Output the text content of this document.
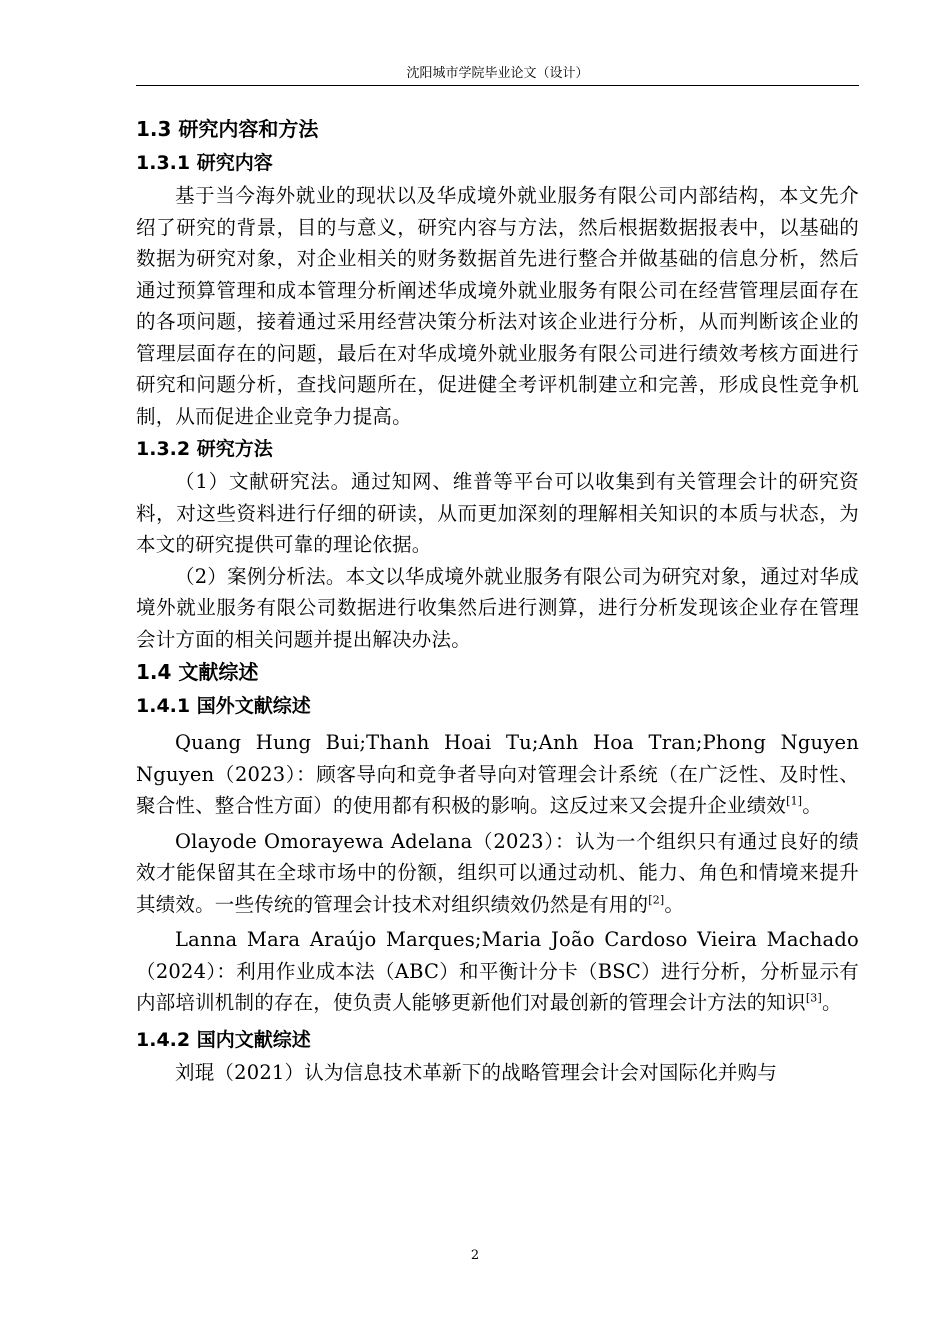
沈阳城市学院毕业论文（设计）
1.3 研究内容和方法
1.3.1 研究内容

基于当今海外就业的现状以及华成境外就业服务有限公司内部结构，本文先介绍了研究的背景，目的与意义，研究内容与方法，然后根据数据报表中，以基础的数据为研究对象，对企业相关的财务数据首先进行整合并做基础的信息分析，然后通过预算管理和成本管理分析阐述华成境外就业服务有限公司在经营管理层面存在的各项问题，接着通过采用经营决策分析法对该企业进行分析，从而判断该企业的管理层面存在的问题，最后在对华成境外就业服务有限公司进行绩效考核方面进行研究和问题分析，查找问题所在，促进健全考评机制建立和完善，形成良性竞争机制，从而促进企业竞争力提高。

1.3.2 研究方法

（1）文献研究法。通过知网、维普等平台可以收集到有关管理会计的研究资料，对这些资料进行仔细的研读，从而更加深刻的理解相关知识的本质与状态，为本文的研究提供可靠的理论依据。

（2）案例分析法。本文以华成境外就业服务有限公司为研究对象，通过对华成境外就业服务有限公司数据进行收集然后进行测算，进行分析发现该企业存在管理会计方面的相关问题并提出解决办法。

1.4 文献综述
1.4.1 国外文献综述

Quang Hung Bui;Thanh Hoai Tu;Anh Hoa Tran;Phong Nguyen Nguyen（2023）：顾客导向和竞争者导向对管理会计系统（在广泛性、及时性、聚合性、整合性方面）的使用都有积极的影响。这反过来又会提升企业绩效[1]。

Olayode Omorayewa Adelana（2023）：认为一个组织只有通过良好的绩效才能保留其在全球市场中的份额，组织可以通过动机、能力、角色和情境来提升其绩效。一些传统的管理会计技术对组织绩效仍然是有用的[2]。

Lanna Mara Araújo Marques;Maria João Cardoso Vieira Machado（2024）：利用作业成本法（ABC）和平衡计分卡（BSC）进行分析，分析显示有内部培训机制的存在，使负责人能够更新他们对最创新的管理会计方法的知识[3]。

1.4.2 国内文献综述

刘琨（2021）认为信息技术革新下的战略管理会计会对国际化并购与

2
